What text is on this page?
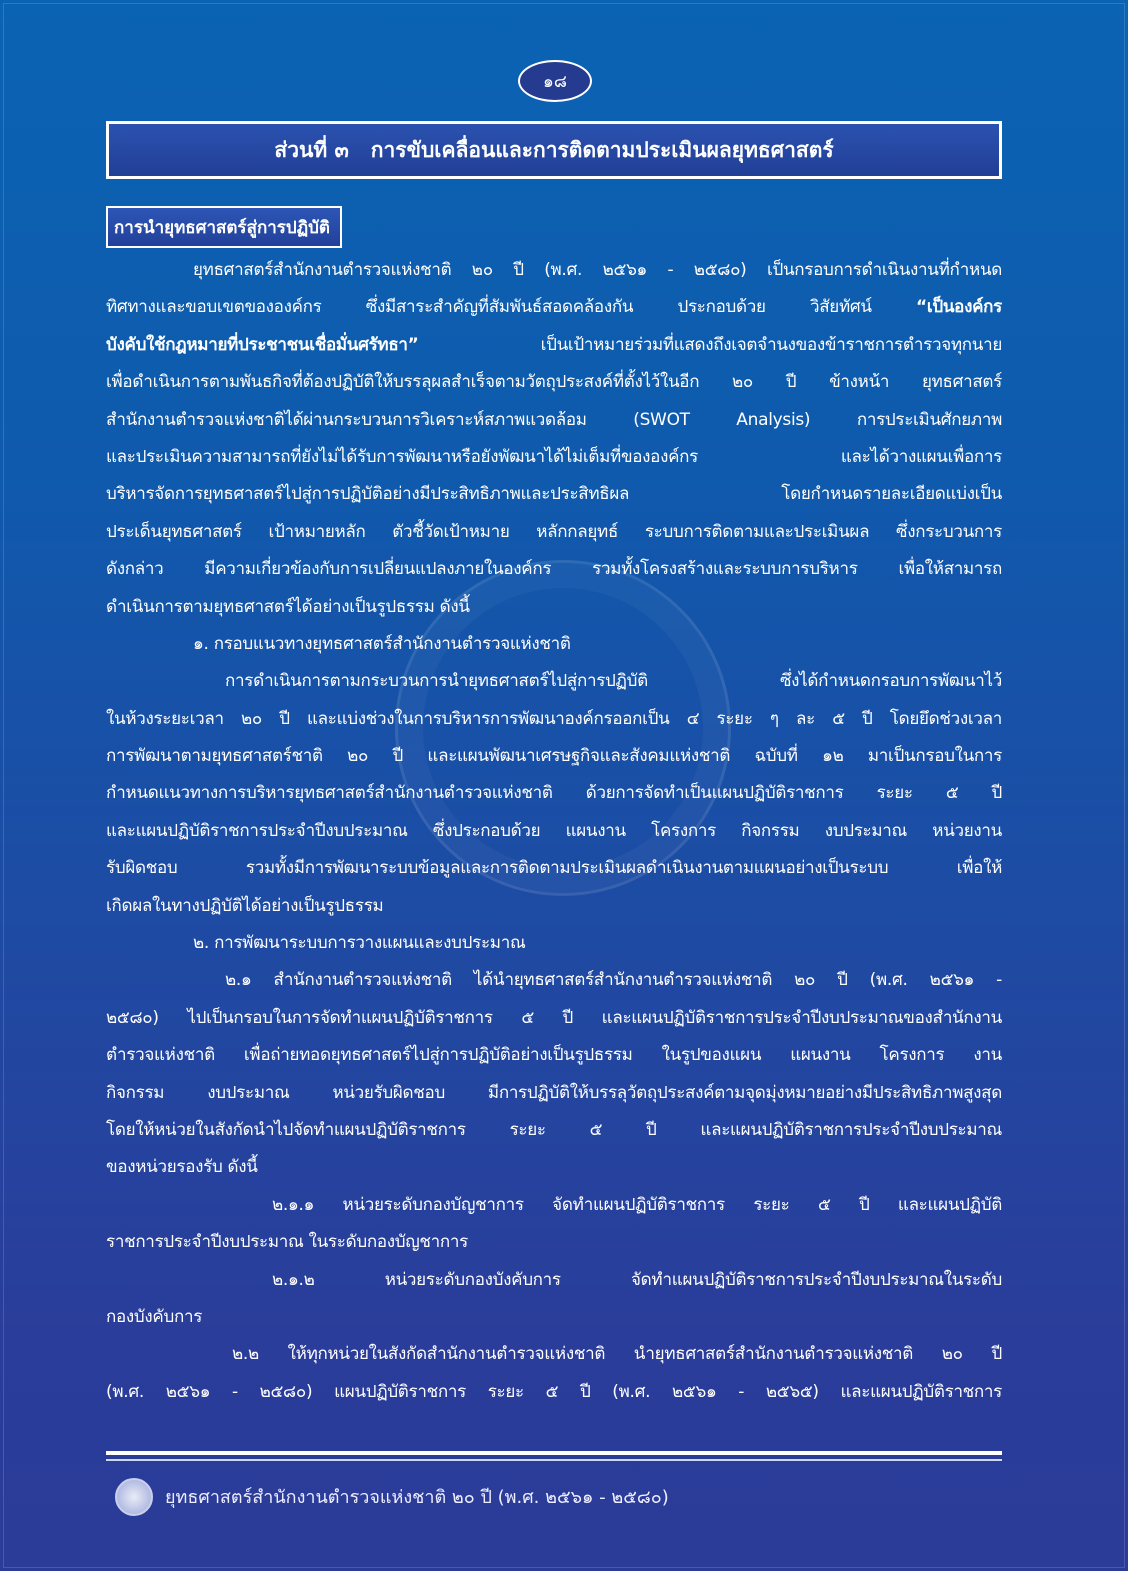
๑๘
ส่วนที่ ๓   การขับเคลื่อนและการติดตามประเมินผลยุทธศาสตร์
การนำยุทธศาสตร์สู่การปฏิบัติ
ยุทธศาสตร์สำนักงานตำรวจแห่งชาติ ๒๐ ปี (พ.ศ. ๒๕๖๑ - ๒๕๘๐) เป็นกรอบการดำเนินงานที่กำหนด
ทิศทางและขอบเขตขององค์กร ซึ่งมีสาระสำคัญที่สัมพันธ์สอดคล้องกัน ประกอบด้วย วิสัยทัศน์ “เป็นองค์กร
บังคับใช้กฎหมายที่ประชาชนเชื่อมั่นศรัทธา” เป็นเป้าหมายร่วมที่แสดงถึงเจตจำนงของข้าราชการตำรวจทุกนาย
เพื่อดำเนินการตามพันธกิจที่ต้องปฏิบัติให้บรรลุผลสำเร็จตามวัตถุประสงค์ที่ตั้งไว้ในอีก ๒๐ ปี ข้างหน้า ยุทธศาสตร์
สำนักงานตำรวจแห่งชาติได้ผ่านกระบวนการวิเคราะห์สภาพแวดล้อม (SWOT Analysis) การประเมินศักยภาพ
และประเมินความสามารถที่ยังไม่ได้รับการพัฒนาหรือยังพัฒนาได้ไม่เต็มที่ขององค์กร และได้วางแผนเพื่อการ
บริหารจัดการยุทธศาสตร์ไปสู่การปฏิบัติอย่างมีประสิทธิภาพและประสิทธิผล โดยกำหนดรายละเอียดแบ่งเป็น
ประเด็นยุทธศาสตร์ เป้าหมายหลัก ตัวชี้วัดเป้าหมาย หลักกลยุทธ์ ระบบการติดตามและประเมินผล ซึ่งกระบวนการ
ดังกล่าว มีความเกี่ยวข้องกับการเปลี่ยนแปลงภายในองค์กร รวมทั้งโครงสร้างและระบบการบริหาร เพื่อให้สามารถ
ดำเนินการตามยุทธศาสตร์ได้อย่างเป็นรูปธรรม ดังนี้
๑. กรอบแนวทางยุทธศาสตร์สำนักงานตำรวจแห่งชาติ
การดำเนินการตามกระบวนการนำยุทธศาสตร์ไปสู่การปฏิบัติ ซึ่งได้กำหนดกรอบการพัฒนาไว้
ในห้วงระยะเวลา ๒๐ ปี และแบ่งช่วงในการบริหารการพัฒนาองค์กรออกเป็น ๔ ระยะ ๆ ละ ๕ ปี โดยยึดช่วงเวลา
การพัฒนาตามยุทธศาสตร์ชาติ ๒๐ ปี และแผนพัฒนาเศรษฐกิจและสังคมแห่งชาติ ฉบับที่ ๑๒ มาเป็นกรอบในการ
กำหนดแนวทางการบริหารยุทธศาสตร์สำนักงานตำรวจแห่งชาติ ด้วยการจัดทำเป็นแผนปฏิบัติราชการ ระยะ ๕ ปี
และแผนปฏิบัติราชการประจำปีงบประมาณ ซึ่งประกอบด้วย แผนงาน โครงการ กิจกรรม งบประมาณ หน่วยงาน
รับผิดชอบ รวมทั้งมีการพัฒนาระบบข้อมูลและการติดตามประเมินผลดำเนินงานตามแผนอย่างเป็นระบบ เพื่อให้
เกิดผลในทางปฏิบัติได้อย่างเป็นรูปธรรม
๒. การพัฒนาระบบการวางแผนและงบประมาณ
๒.๑ สำนักงานตำรวจแห่งชาติ ได้นำยุทธศาสตร์สำนักงานตำรวจแห่งชาติ ๒๐ ปี (พ.ศ. ๒๕๖๑ -
๒๕๘๐) ไปเป็นกรอบในการจัดทำแผนปฏิบัติราชการ ๕ ปี และแผนปฏิบัติราชการประจำปีงบประมาณของสำนักงาน
ตำรวจแห่งชาติ เพื่อถ่ายทอดยุทธศาสตร์ไปสู่การปฏิบัติอย่างเป็นรูปธรรม ในรูปของแผน แผนงาน โครงการ งาน
กิจกรรม งบประมาณ หน่วยรับผิดชอบ มีการปฏิบัติให้บรรลุวัตถุประสงค์ตามจุดมุ่งหมายอย่างมีประสิทธิภาพสูงสุด
โดยให้หน่วยในสังกัดนำไปจัดทำแผนปฏิบัติราชการ ระยะ ๕ ปี และแผนปฏิบัติราชการประจำปีงบประมาณ
ของหน่วยรองรับ ดังนี้
๒.๑.๑ หน่วยระดับกองบัญชาการ จัดทำแผนปฏิบัติราชการ ระยะ ๕ ปี และแผนปฏิบัติ
ราชการประจำปีงบประมาณ ในระดับกองบัญชาการ
๒.๑.๒ หน่วยระดับกองบังคับการ จัดทำแผนปฏิบัติราชการประจำปีงบประมาณในระดับ
กองบังคับการ
๒.๒ ให้ทุกหน่วยในสังกัดสำนักงานตำรวจแห่งชาติ นำยุทธศาสตร์สำนักงานตำรวจแห่งชาติ ๒๐ ปี
(พ.ศ. ๒๕๖๑ - ๒๕๘๐) แผนปฏิบัติราชการ ระยะ ๕ ปี (พ.ศ. ๒๕๖๑ - ๒๕๖๕) และแผนปฏิบัติราชการ
ยุทธศาสตร์สำนักงานตำรวจแห่งชาติ ๒๐ ปี (พ.ศ. ๒๕๖๑ - ๒๕๘๐)
